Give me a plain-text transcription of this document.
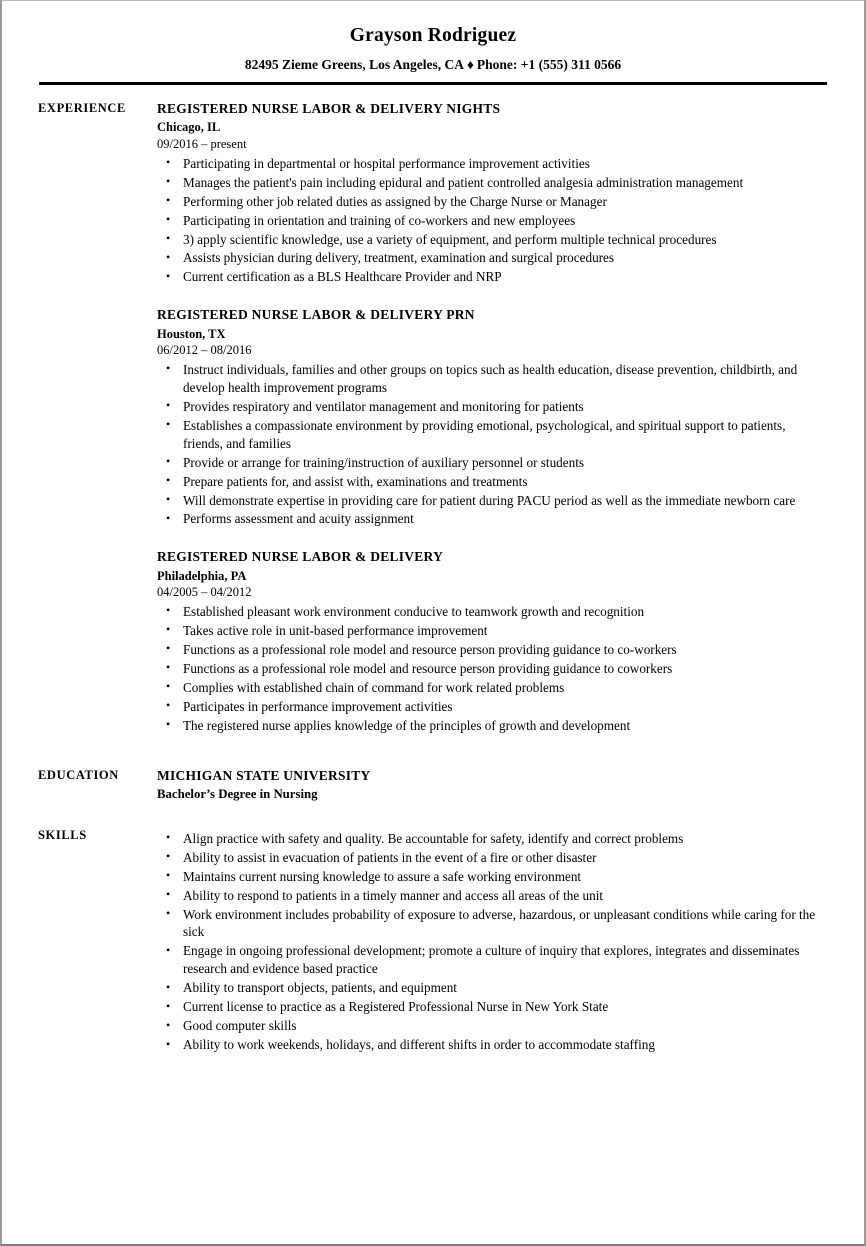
Grayson Rodriguez
82495 Zieme Greens, Los Angeles, CA ♦ Phone: +1 (555) 311 0566
EXPERIENCE	REGISTERED NURSE LABOR & DELIVERY NIGHTS
Chicago, IL
09/2016 – present
• Participating in departmental or hospital performance improvement activities
• Manages the patient's pain including epidural and patient controlled analgesia administration management
• Performing other job related duties as assigned by the Charge Nurse or Manager
• Participating in orientation and training of co-workers and new employees
• 3) apply scientific knowledge, use a variety of equipment, and perform multiple technical procedures
• Assists physician during delivery, treatment, examination and surgical procedures
• Current certification as a BLS Healthcare Provider and NRP
REGISTERED NURSE LABOR & DELIVERY PRN
Houston, TX
06/2012 – 08/2016
• Instruct individuals, families and other groups on topics such as health education, disease prevention, childbirth, and develop health improvement programs
• Provides respiratory and ventilator management and monitoring for patients
• Establishes a compassionate environment by providing emotional, psychological, and spiritual support to patients, friends, and families
• Provide or arrange for training/instruction of auxiliary personnel or students
• Prepare patients for, and assist with, examinations and treatments
• Will demonstrate expertise in providing care for patient during PACU period as well as the immediate newborn care
• Performs assessment and acuity assignment
REGISTERED NURSE LABOR & DELIVERY
Philadelphia, PA
04/2005 – 04/2012
• Established pleasant work environment conducive to teamwork growth and recognition
• Takes active role in unit-based performance improvement
• Functions as a professional role model and resource person providing guidance to co-workers
• Functions as a professional role model and resource person providing guidance to coworkers
• Complies with established chain of command for work related problems
• Participates in performance improvement activities
• The registered nurse applies knowledge of the principles of growth and development
EDUCATION	MICHIGAN STATE UNIVERSITY
Bachelor’s Degree in Nursing
SKILLS	• Align practice with safety and quality. Be accountable for safety, identify and correct problems
• Ability to assist in evacuation of patients in the event of a fire or other disaster
• Maintains current nursing knowledge to assure a safe working environment
• Ability to respond to patients in a timely manner and access all areas of the unit
• Work environment includes probability of exposure to adverse, hazardous, or unpleasant conditions while caring for the sick
• Engage in ongoing professional development; promote a culture of inquiry that explores, integrates and disseminates research and evidence based practice
• Ability to transport objects, patients, and equipment
• Current license to practice as a Registered Professional Nurse in New York State
• Good computer skills
• Ability to work weekends, holidays, and different shifts in order to accommodate staffing
